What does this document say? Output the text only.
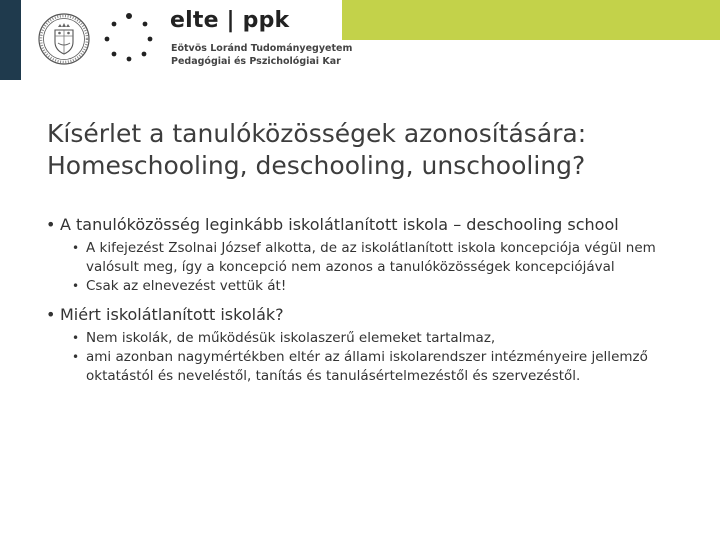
elte | ppk
Eötvös Loránd Tudományegyetem
Pedagógiai és Pszichológiai Kar
Kísérlet a tanulóközösségek azonosítására:
Homeschooling, deschooling, unschooling?
• A tanulóközösség leginkább iskolátlanított iskola – deschooling school
• A kifejezést Zsolnai József alkotta, de az iskolátlanított iskola koncepciója végül nem valósult meg, így a koncepció nem azonos a tanulóközösségek koncepciójával
• Csak az elnevezést vettük át!
• Miért iskolátlanított iskolák?
• Nem iskolák, de működésük iskolaszerű elemeket tartalmaz,
• ami azonban nagymértékben eltér az állami iskolarendszer intézményeire jellemző oktatástól és neveléstől, tanítás és tanulásértelmezéstől és szervezéstől.
